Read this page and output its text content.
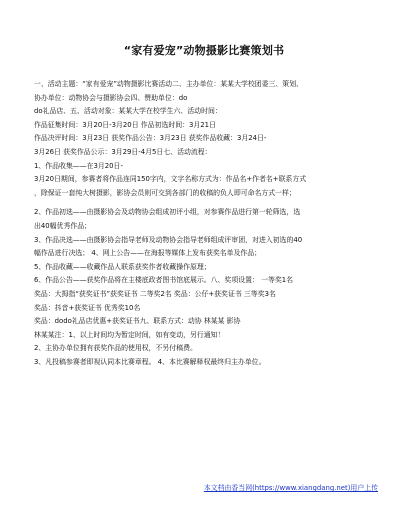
“家有爱宠”动物摄影比赛策划书
一、活动主题：“家有爱宠”动物摄影比赛活动二、主办单位：某某大学校团委三、策划、
协办单位：动物协会与摄影协会四、赞助单位：do
do礼品店、五、活动对象：某某大学在校学生六、活动时间：
作品征集时间：3月20日-3月20日 作品初选时间：3月21日
作品决评时间：3月23日 获奖作品公告：3月23日 获奖作品收藏：3月24日-
3月26日 获奖作品公示：3月29日-4月5日七、活动流程：
1、作品收集——在3月20日-
3月20日期间，参赛者将作品连同150字内，文字名称方式为：作品名+作者名+联系方式
，除保证一套纯大树摄影，影协会员则可交到各部门的收稿的负人即可命名方式一样；
2、作品初选——由摄影协会及动物协会组成初评小组，对参赛作品进行第一轮筛选，选
出40幅优秀作品；
3、作品决选——由摄影协会指导老师及动物协会指导老师组成评审团，对进入初选的40
幅作品进行决选； 4、网上公告——在海报等媒体上发布获奖名单及作品；
5、作品收藏——收藏作品人联系获奖作者收藏操作原理；
6、作品公告——获奖作品将在主楼底政者图书馆底展示。八、奖项设置： 一等奖1名
奖品：大拇指“获奖证书”获奖证书 二等奖2名 奖品：公仔+获奖证书 三等奖3名
奖品：抖音+获奖证书 优秀奖10名
奖品：dodo礼品店优惠+获奖证书九、联系方式：动协 林某某 影协
林某某注：1、以上时间均为暂定时间，如有变动，另行通知！
2、主协办单位拥有获奖作品的使用权，不另付稿费。
3、凡投稿参赛者即视认同本比赛章程。 4、本比赛解释权最终归主办单位。
本文档由香当网(https://www.xiangdang.net)用户上传
